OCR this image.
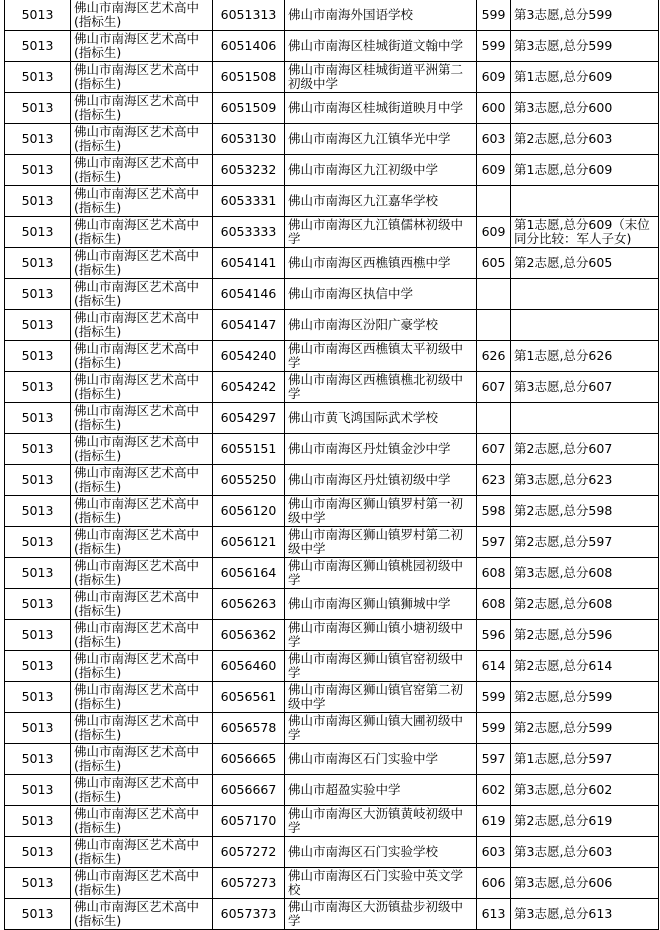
5013	佛山市南海区艺术高中(指标生)	6051313	佛山市南海外国语学校	599	第3志愿,总分599
5013	佛山市南海区艺术高中(指标生)	6051406	佛山市南海区桂城街道文翰中学	599	第3志愿,总分599
5013	佛山市南海区艺术高中(指标生)	6051508	佛山市南海区桂城街道平洲第二初级中学	609	第1志愿,总分609
5013	佛山市南海区艺术高中(指标生)	6051509	佛山市南海区桂城街道映月中学	600	第3志愿,总分600
5013	佛山市南海区艺术高中(指标生)	6053130	佛山市南海区九江镇华光中学	603	第2志愿,总分603
5013	佛山市南海区艺术高中(指标生)	6053232	佛山市南海区九江初级中学	609	第1志愿,总分609
5013	佛山市南海区艺术高中(指标生)	6053331	佛山市南海区九江嘉华学校		
5013	佛山市南海区艺术高中(指标生)	6053333	佛山市南海区九江镇儒林初级中学	609	第1志愿,总分609（末位同分比较：军人子女)
5013	佛山市南海区艺术高中(指标生)	6054141	佛山市南海区西樵镇西樵中学	605	第2志愿,总分605
5013	佛山市南海区艺术高中(指标生)	6054146	佛山市南海区执信中学		
5013	佛山市南海区艺术高中(指标生)	6054147	佛山市南海区汾阳广豪学校		
5013	佛山市南海区艺术高中(指标生)	6054240	佛山市南海区西樵镇太平初级中学	626	第1志愿,总分626
5013	佛山市南海区艺术高中(指标生)	6054242	佛山市南海区西樵镇樵北初级中学	607	第3志愿,总分607
5013	佛山市南海区艺术高中(指标生)	6054297	佛山市黄飞鸿国际武术学校		
5013	佛山市南海区艺术高中(指标生)	6055151	佛山市南海区丹灶镇金沙中学	607	第2志愿,总分607
5013	佛山市南海区艺术高中(指标生)	6055250	佛山市南海区丹灶镇初级中学	623	第3志愿,总分623
5013	佛山市南海区艺术高中(指标生)	6056120	佛山市南海区狮山镇罗村第一初级中学	598	第2志愿,总分598
5013	佛山市南海区艺术高中(指标生)	6056121	佛山市南海区狮山镇罗村第二初级中学	597	第2志愿,总分597
5013	佛山市南海区艺术高中(指标生)	6056164	佛山市南海区狮山镇桃园初级中学	608	第3志愿,总分608
5013	佛山市南海区艺术高中(指标生)	6056263	佛山市南海区狮山镇狮城中学	608	第2志愿,总分608
5013	佛山市南海区艺术高中(指标生)	6056362	佛山市南海区狮山镇小塘初级中学	596	第2志愿,总分596
5013	佛山市南海区艺术高中(指标生)	6056460	佛山市南海区狮山镇官窑初级中学	614	第2志愿,总分614
5013	佛山市南海区艺术高中(指标生)	6056561	佛山市南海区狮山镇官窑第二初级中学	599	第2志愿,总分599
5013	佛山市南海区艺术高中(指标生)	6056578	佛山市南海区狮山镇大圃初级中学	599	第2志愿,总分599
5013	佛山市南海区艺术高中(指标生)	6056665	佛山市南海区石门实验中学	597	第1志愿,总分597
5013	佛山市南海区艺术高中(指标生)	6056667	佛山市超盈实验中学	602	第3志愿,总分602
5013	佛山市南海区艺术高中(指标生)	6057170	佛山市南海区大沥镇黄岐初级中学	619	第2志愿,总分619
5013	佛山市南海区艺术高中(指标生)	6057272	佛山市南海区石门实验学校	603	第3志愿,总分603
5013	佛山市南海区艺术高中(指标生)	6057273	佛山市南海区石门实验中英文学校	606	第3志愿,总分606
5013	佛山市南海区艺术高中(指标生)	6057373	佛山市南海区大沥镇盐步初级中学	613	第3志愿,总分613
